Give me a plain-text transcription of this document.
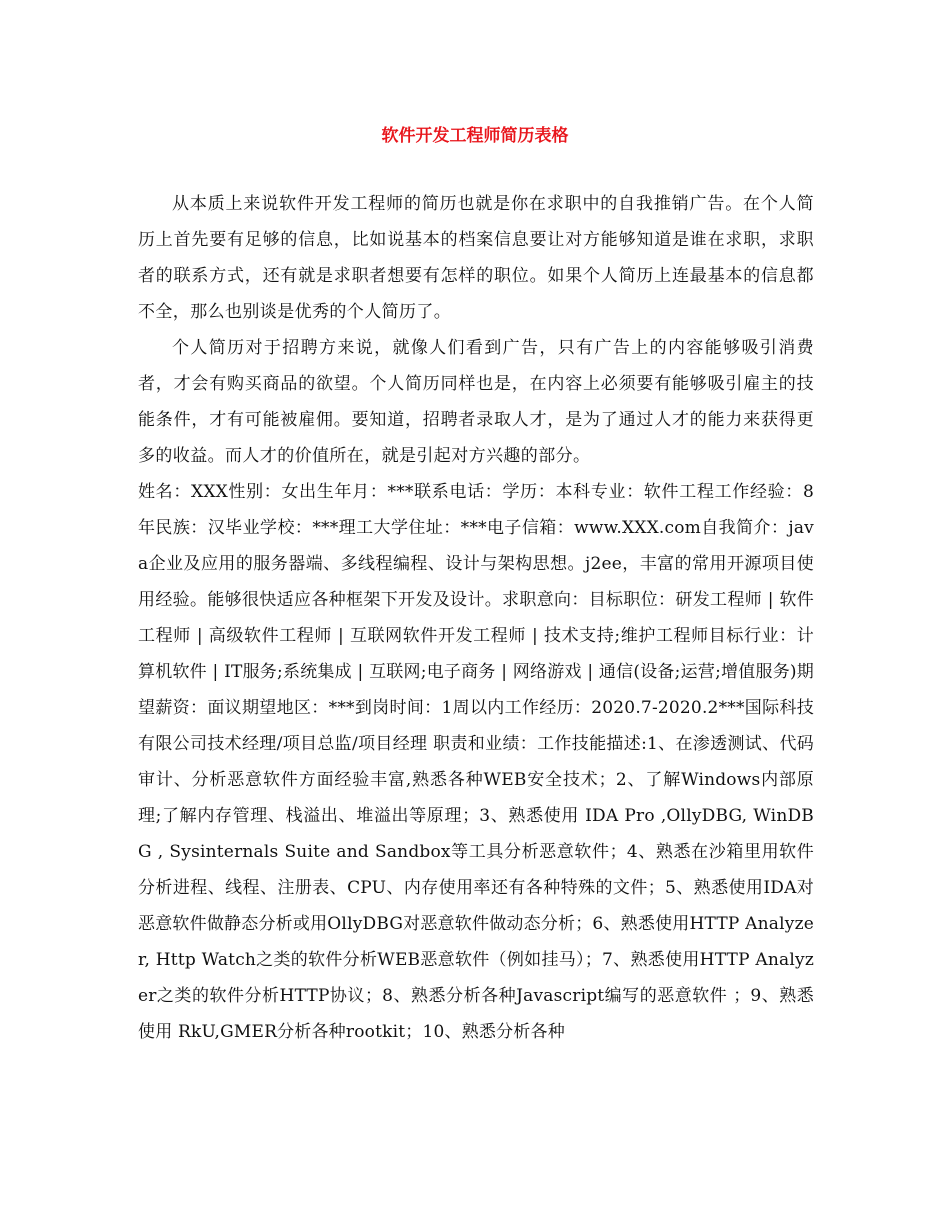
软件开发工程师简历表格

从本质上来说软件开发工程师的简历也就是你在求职中的自我推销广告。在个人简历上首先要有足够的信息，比如说基本的档案信息要让对方能够知道是谁在求职，求职者的联系方式，还有就是求职者想要有怎样的职位。如果个人简历上连最基本的信息都不全，那么也别谈是优秀的个人简历了。

个人简历对于招聘方来说，就像人们看到广告，只有广告上的内容能够吸引消费者，才会有购买商品的欲望。个人简历同样也是，在内容上必须要有能够吸引雇主的技能条件，才有可能被雇佣。要知道，招聘者录取人才，是为了通过人才的能力来获得更多的收益。而人才的价值所在，就是引起对方兴趣的部分。

姓名：XXX性别：女出生年月：***联系电话：学历：本科专业：软件工程工作经验：8年民族：汉毕业学校：***理工大学住址：***电子信箱：www.XXX.com自我简介：java企业及应用的服务器端、多线程编程、设计与架构思想。j2ee，丰富的常用开源项目使用经验。能够很快适应各种框架下开发及设计。求职意向：目标职位：研发工程师 | 软件工程师 | 高级软件工程师 | 互联网软件开发工程师 | 技术支持;维护工程师目标行业：计算机软件 | IT服务;系统集成 | 互联网;电子商务 | 网络游戏 | 通信(设备;运营;增值服务)期望薪资：面议期望地区：***到岗时间：1周以内工作经历：2020.7-2020.2***国际科技有限公司技术经理/项目总监/项目经理 职责和业绩：工作技能描述:1、在渗透测试、代码审计、分析恶意软件方面经验丰富,熟悉各种WEB安全技术；2、了解Windows内部原理;了解内存管理、栈溢出、堆溢出等原理；3、熟悉使用 IDA Pro ,OllyDBG, WinDBG , Sysinternals Suite and Sandbox等工具分析恶意软件；4、熟悉在沙箱里用软件分析进程、线程、注册表、CPU、内存使用率还有各种特殊的文件；5、熟悉使用IDA对恶意软件做静态分析或用OllyDBG对恶意软件做动态分析；6、熟悉使用HTTP Analyzer, Http Watch之类的软件分析WEB恶意软件（例如挂马）；7、熟悉使用HTTP Analyzer之类的软件分析HTTP协议；8、熟悉分析各种Javascript编写的恶意软件 ；9、熟悉使用 RkU,GMER分析各种rootkit；10、熟悉分析各种
